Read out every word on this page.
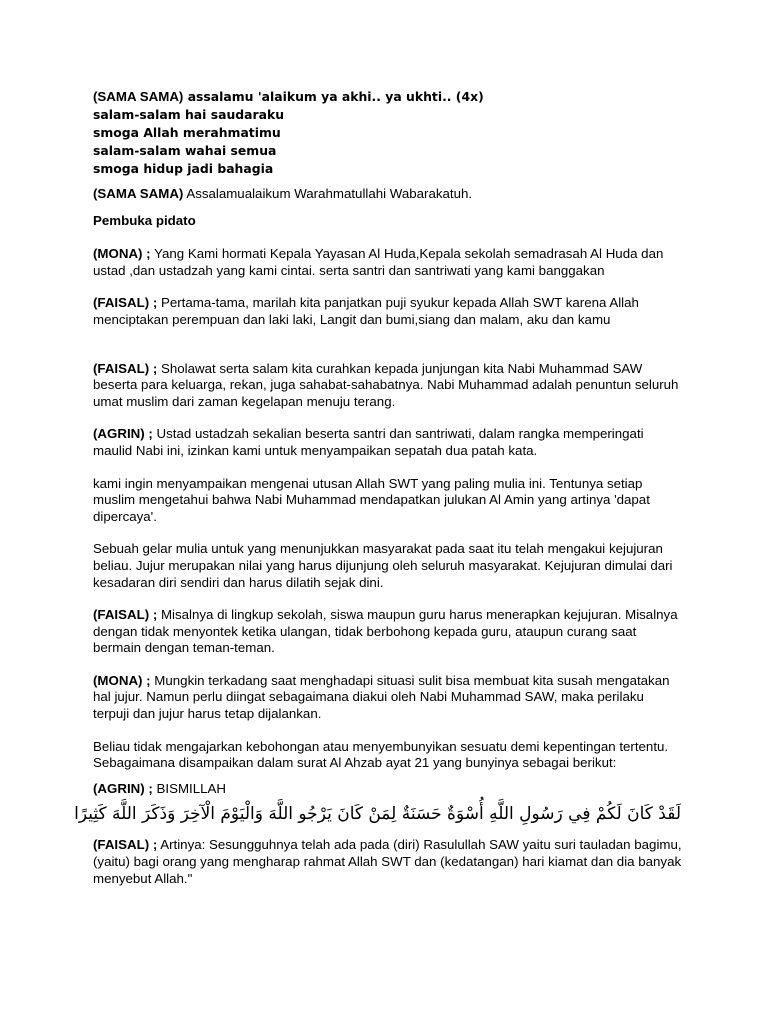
(SAMA SAMA) assalamu 'alaikum ya akhi.. ya ukhti.. (4x)

salam-salam hai saudaraku

smoga Allah merahmatimu

salam-salam wahai semua

smoga hidup jadi bahagia

(SAMA SAMA) Assalamualaikum Warahmatullahi Wabarakatuh.

Pembuka pidato

(MONA) ; Yang Kami hormati Kepala Yayasan Al Huda,Kepala sekolah semadrasah Al Huda dan ustad ,dan ustadzah yang kami cintai. serta santri dan santriwati yang kami banggakan

(FAISAL) ; Pertama-tama, marilah kita panjatkan puji syukur kepada Allah SWT karena Allah menciptakan perempuan dan laki laki, Langit dan bumi,siang dan malam, aku dan kamu

(FAISAL) ; Sholawat serta salam kita curahkan kepada junjungan kita Nabi Muhammad SAW beserta para keluarga, rekan, juga sahabat-sahabatnya. Nabi Muhammad adalah penuntun seluruh umat muslim dari zaman kegelapan menuju terang.

(AGRIN) ; Ustad ustadzah sekalian beserta santri dan santriwati, dalam rangka memperingati maulid Nabi ini, izinkan kami untuk menyampaikan sepatah dua patah kata.

kami ingin menyampaikan mengenai utusan Allah SWT yang paling mulia ini. Tentunya setiap muslim mengetahui bahwa Nabi Muhammad mendapatkan julukan Al Amin yang artinya 'dapat dipercaya'.

Sebuah gelar mulia untuk yang menunjukkan masyarakat pada saat itu telah mengakui kejujuran beliau. Jujur merupakan nilai yang harus dijunjung oleh seluruh masyarakat. Kejujuran dimulai dari kesadaran diri sendiri dan harus dilatih sejak dini.

(FAISAL) ; Misalnya di lingkup sekolah, siswa maupun guru harus menerapkan kejujuran. Misalnya dengan tidak menyontek ketika ulangan, tidak berbohong kepada guru, ataupun curang saat bermain dengan teman-teman.

(MONA) ; Mungkin terkadang saat menghadapi situasi sulit bisa membuat kita susah mengatakan hal jujur. Namun perlu diingat sebagaimana diakui oleh Nabi Muhammad SAW, maka perilaku terpuji dan jujur harus tetap dijalankan.

Beliau tidak mengajarkan kebohongan atau menyembunyikan sesuatu demi kepentingan tertentu. Sebagaimana disampaikan dalam surat Al Ahzab ayat 21 yang bunyinya sebagai berikut:

(AGRIN) ; BISMILLAH

لَقَدْ كَانَ لَكُمْ فِي رَسُولِ اللَّهِ أُسْوَةٌ حَسَنَةٌ لِمَنْ كَانَ يَرْجُو اللَّهَ وَالْيَوْمَ الْآخِرَ وَذَكَرَ اللَّهَ كَثِيرًا

(FAISAL) ; Artinya: Sesungguhnya telah ada pada (diri) Rasulullah SAW yaitu suri tauladan bagimu, (yaitu) bagi orang yang mengharap rahmat Allah SWT dan (kedatangan) hari kiamat dan dia banyak menyebut Allah."
